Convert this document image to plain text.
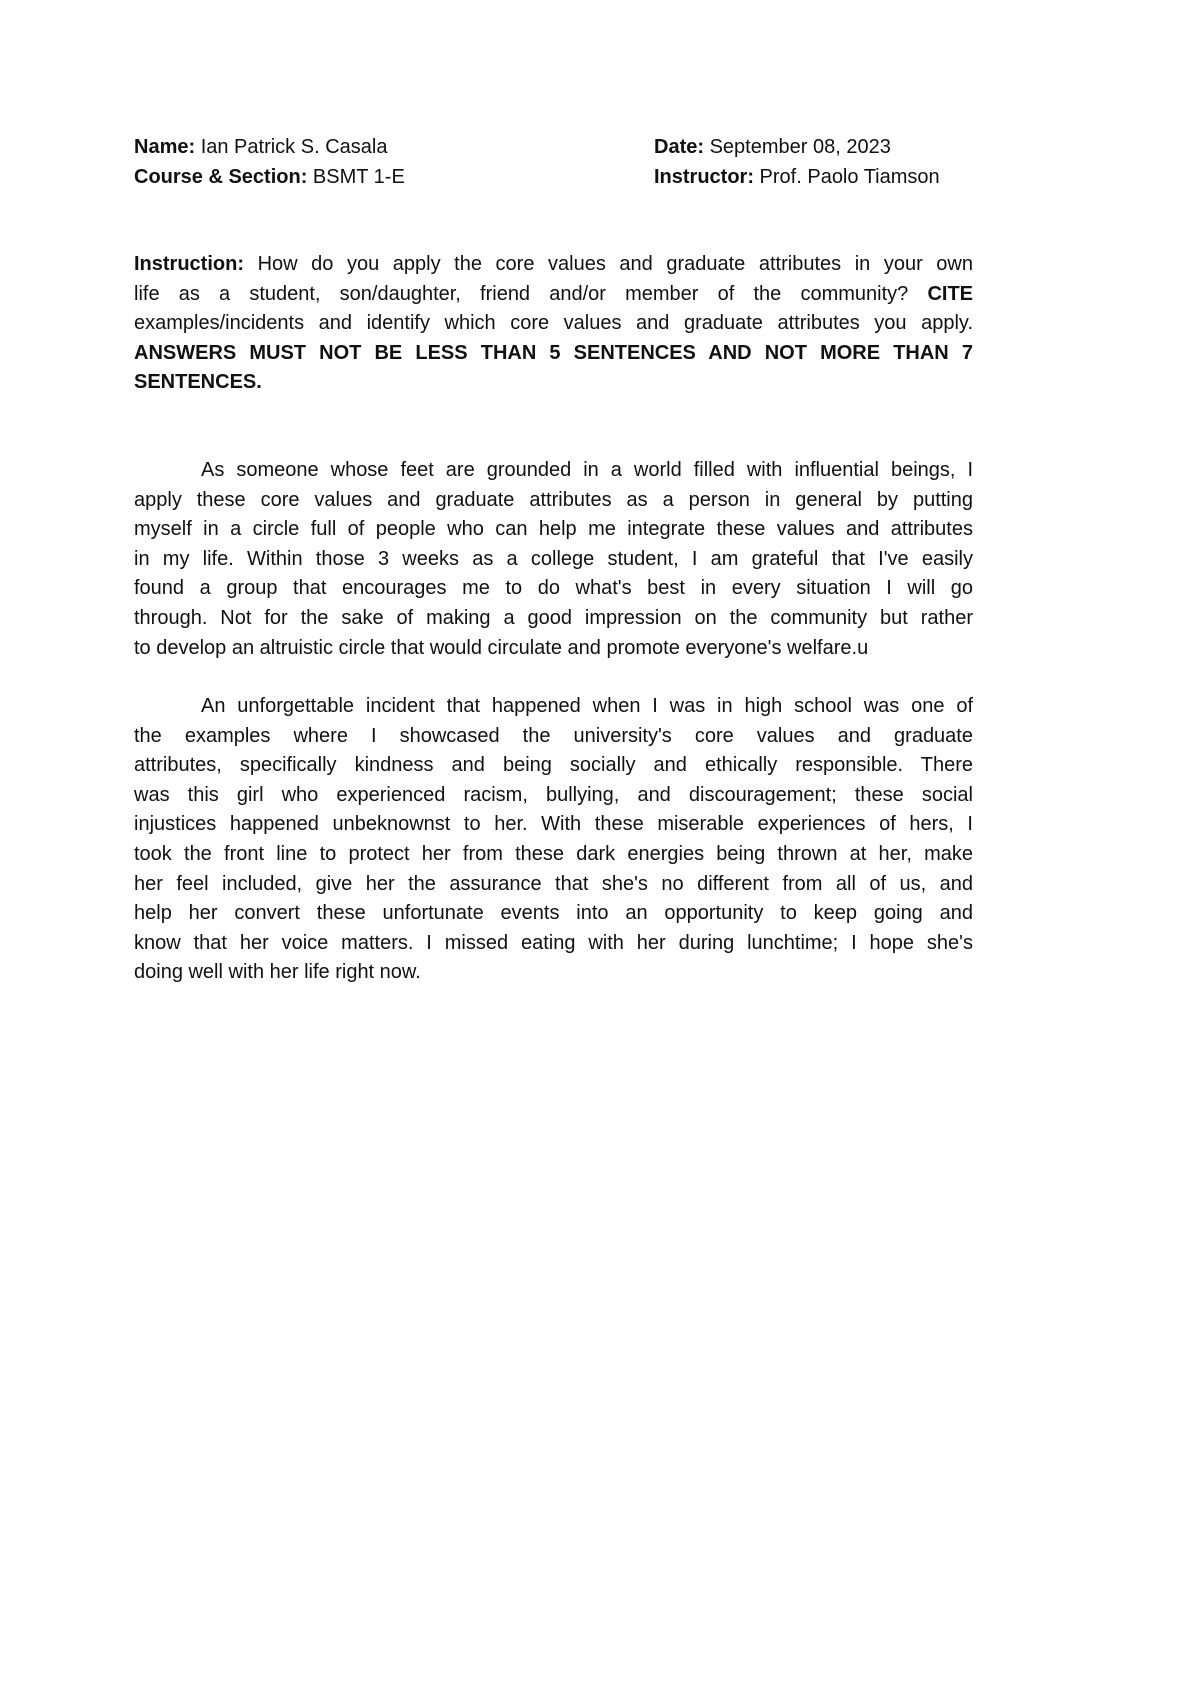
Name: Ian Patrick S. Casala
Course & Section: BSMT 1-E
Date: September 08, 2023
Instructor: Prof. Paolo Tiamson
Instruction: How do you apply the core values and graduate attributes in your own
life as a student, son/daughter, friend and/or member of the community? CITE
examples/incidents and identify which core values and graduate attributes you apply.
ANSWERS MUST NOT BE LESS THAN 5 SENTENCES AND NOT MORE THAN 7
SENTENCES.
As someone whose feet are grounded in a world filled with influential beings, I
apply these core values and graduate attributes as a person in general by putting
myself in a circle full of people who can help me integrate these values and attributes
in my life. Within those 3 weeks as a college student, I am grateful that I've easily
found a group that encourages me to do what's best in every situation I will go
through. Not for the sake of making a good impression on the community but rather
to develop an altruistic circle that would circulate and promote everyone's welfare.u
An unforgettable incident that happened when I was in high school was one of
the examples where I showcased the university's core values and graduate
attributes, specifically kindness and being socially and ethically responsible. There
was this girl who experienced racism, bullying, and discouragement; these social
injustices happened unbeknownst to her. With these miserable experiences of hers, I
took the front line to protect her from these dark energies being thrown at her, make
her feel included, give her the assurance that she's no different from all of us, and
help her convert these unfortunate events into an opportunity to keep going and
know that her voice matters. I missed eating with her during lunchtime; I hope she's
doing well with her life right now.
